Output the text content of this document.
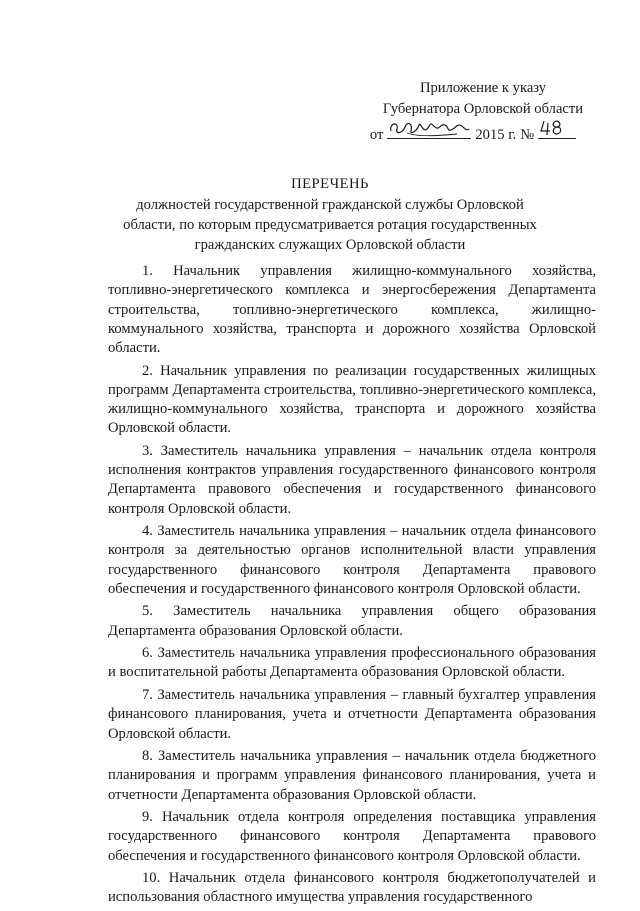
Приложение к указу
Губернатора Орловской области
от	2015 г. №
ПЕРЕЧЕНЬ
должностей государственной гражданской службы Орловской
области, по которым предусматривается ротация государственных
гражданских служащих Орловской области

1. Начальник управления жилищно-коммунального хозяйства, топливно-энергетического комплекса и энергосбережения Департамента строительства, топливно-энергетического комплекса, жилищно-коммунального хозяйства, транспорта и дорожного хозяйства Орловской области.

2. Начальник управления по реализации государственных жилищных программ Департамента строительства, топливно-энергетического комплекса, жилищно-коммунального хозяйства, транспорта и дорожного хозяйства Орловской области.

3. Заместитель начальника управления – начальник отдела контроля исполнения контрактов управления государственного финансового контроля Департамента правового обеспечения и государственного финансового контроля Орловской области.

4. Заместитель начальника управления – начальник отдела финансового контроля за деятельностью органов исполнительной власти управления государственного финансового контроля Департамента правового обеспечения и государственного финансового контроля Орловской области.

5. Заместитель начальника управления общего образования Департамента образования Орловской области.

6. Заместитель начальника управления профессионального образования и воспитательной работы Департамента образования Орловской области.

7. Заместитель начальника управления – главный бухгалтер управления финансового планирования, учета и отчетности Департамента образования Орловской области.

8. Заместитель начальника управления – начальник отдела бюджетного планирования и программ управления финансового планирования, учета и отчетности Департамента образования Орловской области.

9. Начальник отдела контроля определения поставщика управления государственного финансового контроля Департамента правового обеспечения и государственного финансового контроля Орловской области.

10. Начальник отдела финансового контроля бюджетополучателей и использования областного имущества управления государственного
